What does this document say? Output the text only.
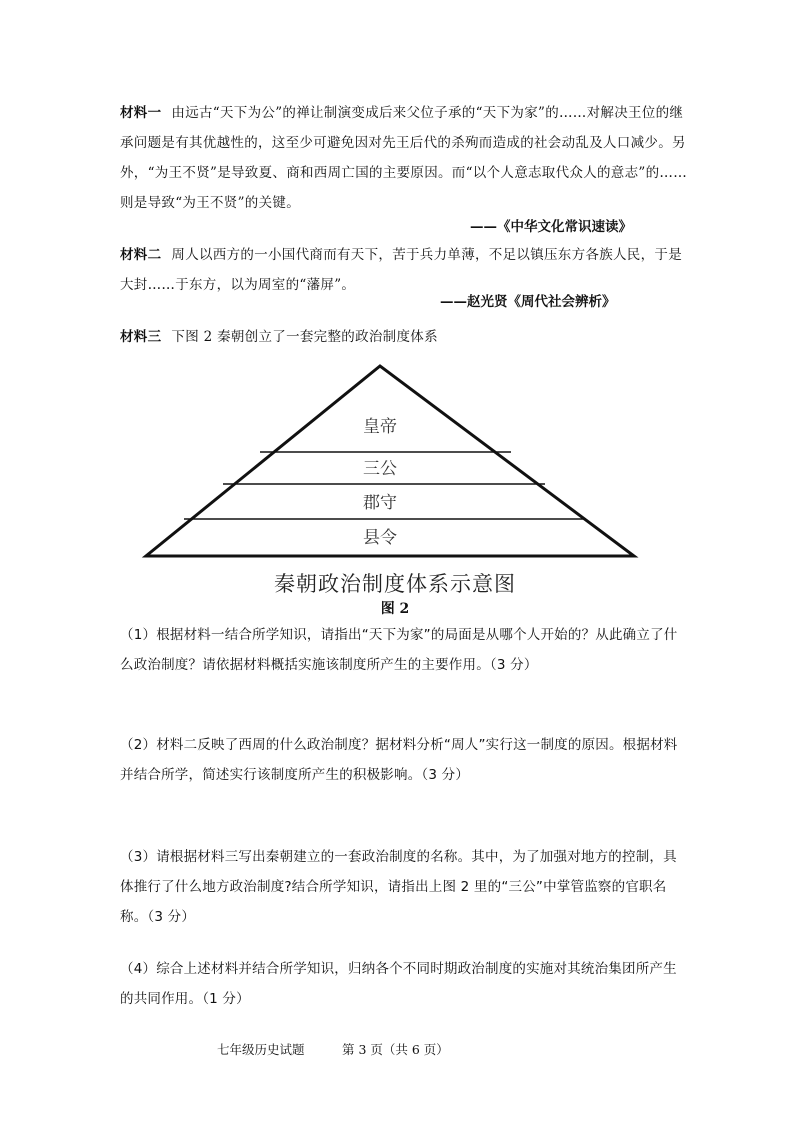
材料一 由远古“天下为公”的禅让制演变成后来父位子承的“天下为家”的……对解决王位的继承问题是有其优越性的，这至少可避免因对先王后代的杀殉而造成的社会动乱及人口减少。另外，“为王不贤”是导致夏、商和西周亡国的主要原因。而“以个人意志取代众人的意志”的……则是导致“为王不贤”的关键。
——《中华文化常识速读》
材料二 周人以西方的一小国代商而有天下，苦于兵力单薄，不足以镇压东方各族人民，于是大封……于东方，以为周室的“藩屏”。
——赵光贤《周代社会辨析》
材料三 下图 2 秦朝创立了一套完整的政治制度体系
皇帝
三公
郡守
县令
秦朝政治制度体系示意图
图 2
（1）根据材料一结合所学知识，请指出“天下为家”的局面是从哪个人开始的？从此确立了什么政治制度？请依据材料概括实施该制度所产生的主要作用。（3 分）
（2）材料二反映了西周的什么政治制度？据材料分析“周人”实行这一制度的原因。根据材料并结合所学，简述实行该制度所产生的积极影响。（3 分）
（3）请根据材料三写出秦朝建立的一套政治制度的名称。其中，为了加强对地方的控制，具体推行了什么地方政治制度?结合所学知识，请指出上图 2 里的“三公”中掌管监察的官职名称。（3 分）
（4）综合上述材料并结合所学知识，归纳各个不同时期政治制度的实施对其统治集团所产生的共同作用。（1 分）
七年级历史试题	第 3 页（共 6 页）
